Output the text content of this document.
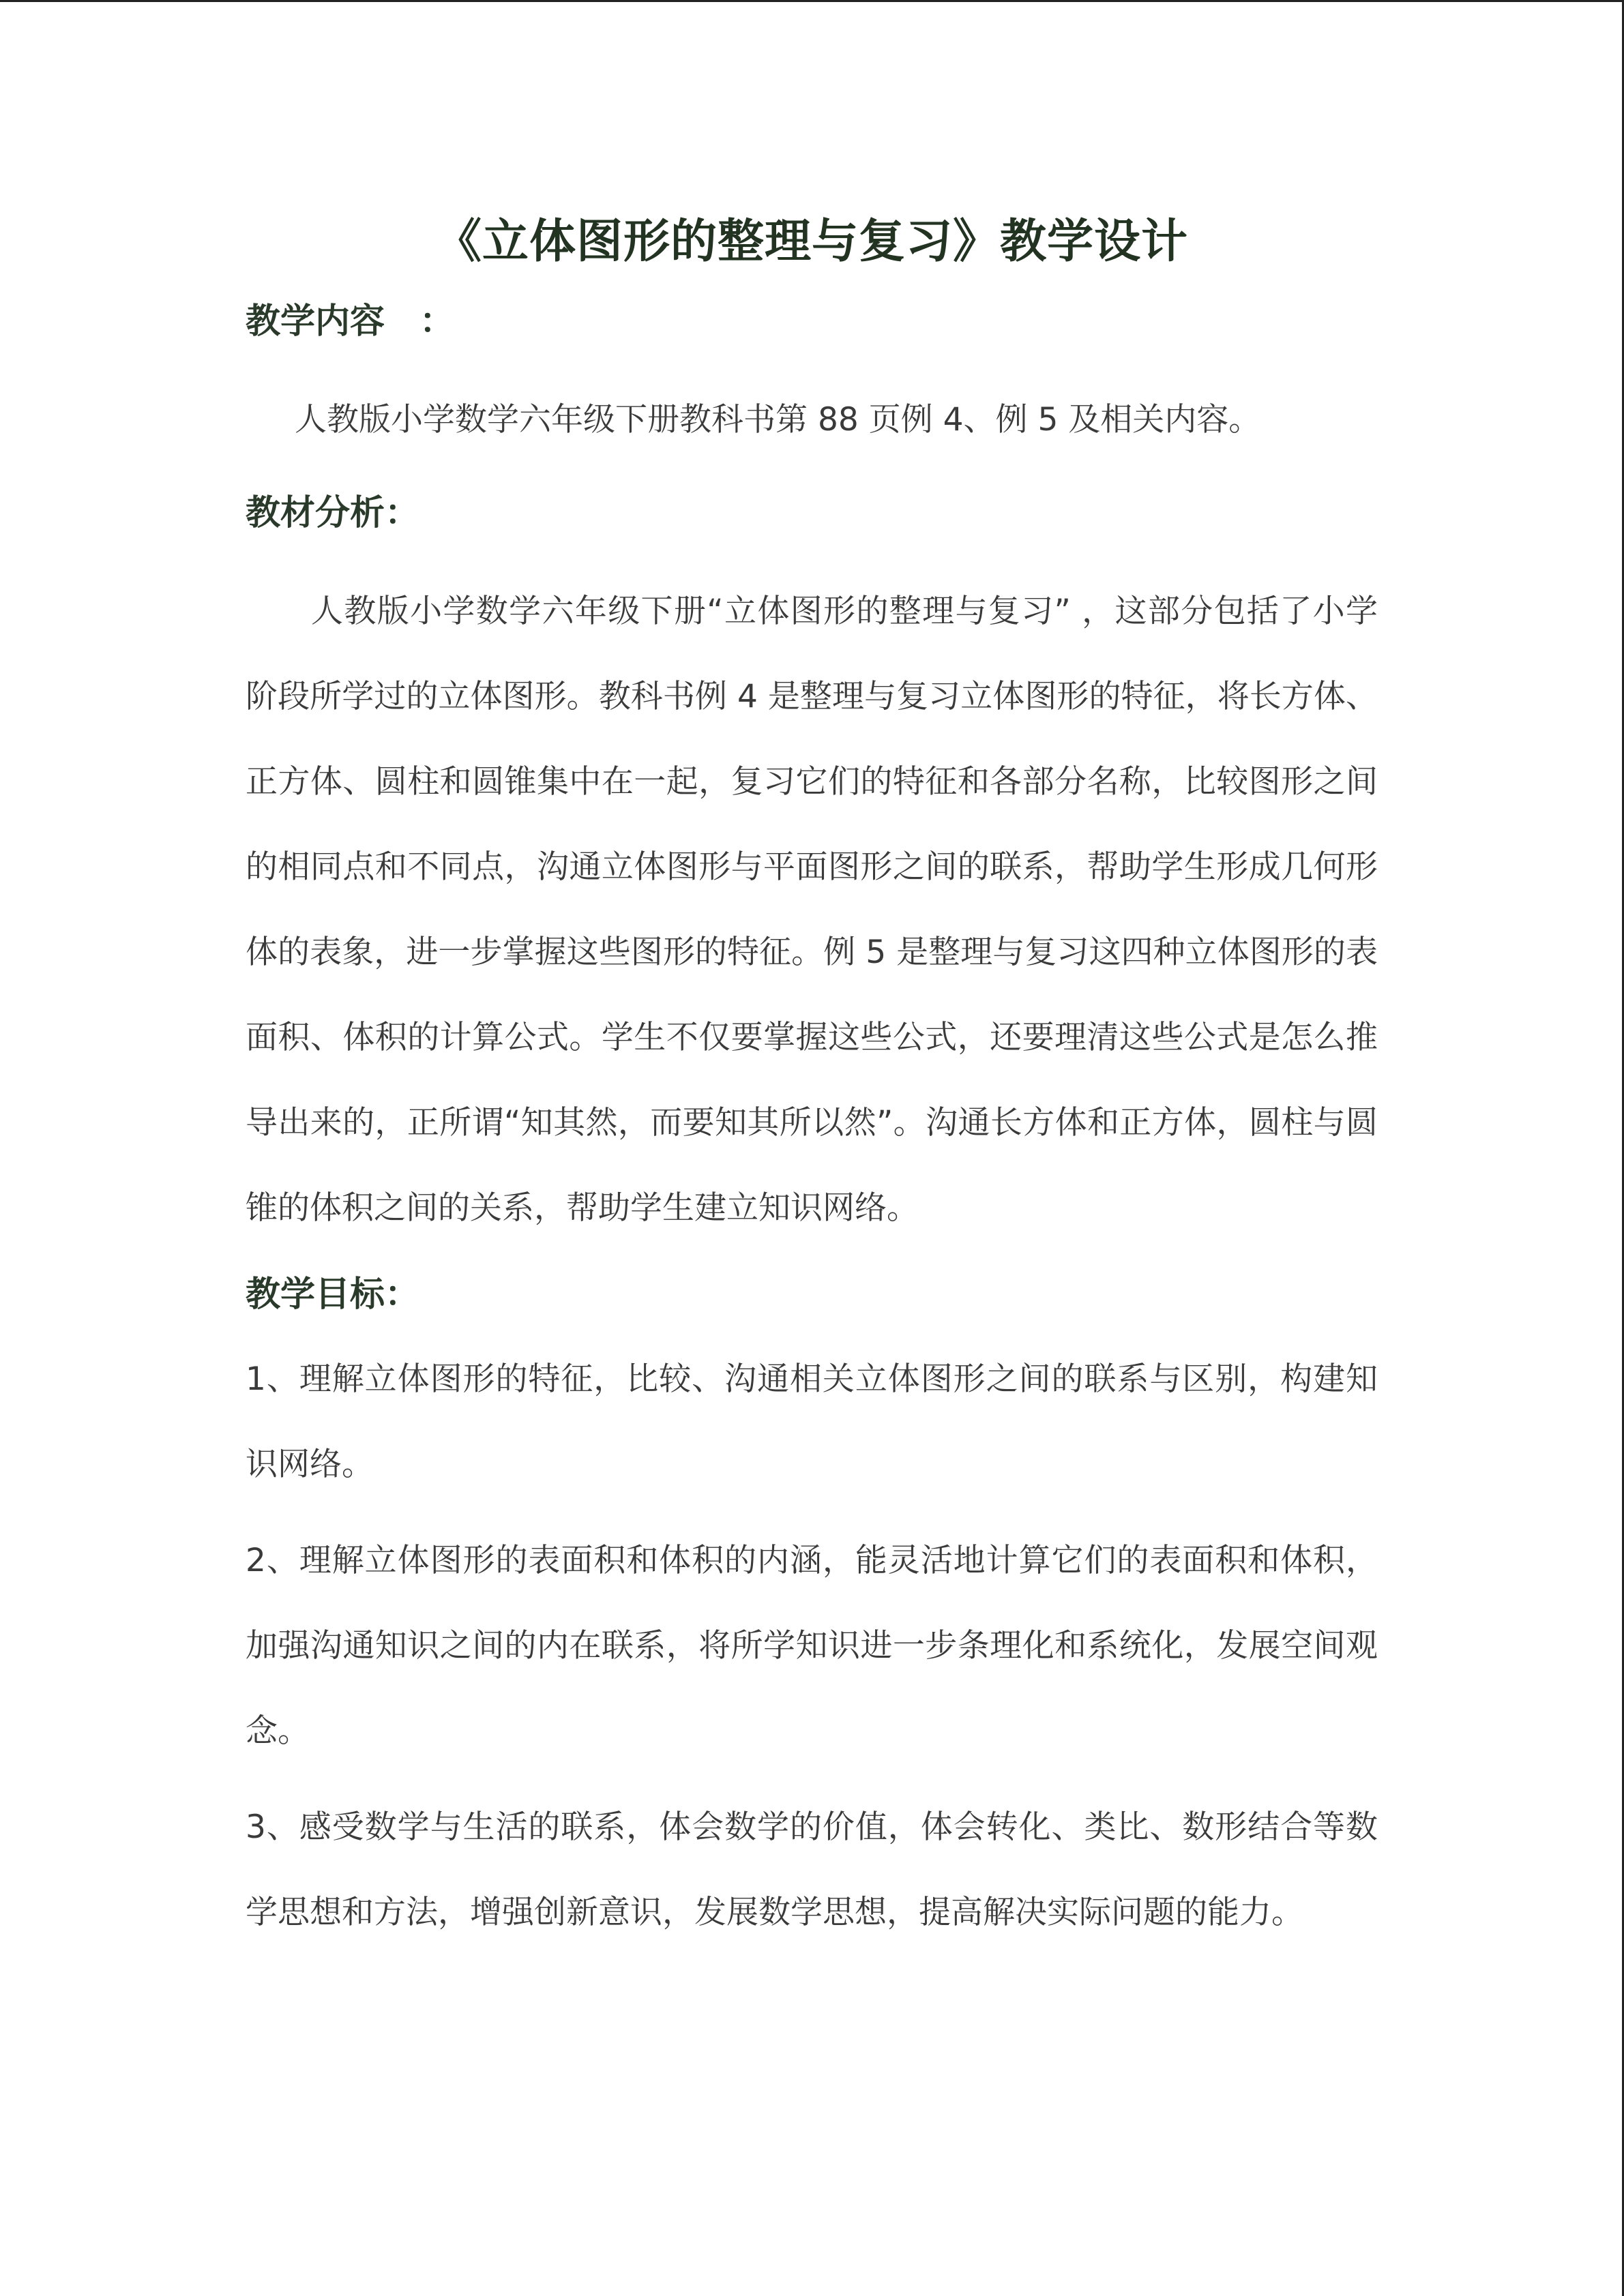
《立体图形的整理与复习》教学设计
教学内容　：

人教版小学数学六年级下册教科书第 88 页例 4、例 5 及相关内容。

教材分析：

人教版小学数学六年级下册“立体图形的整理与复习” ，这部分包括了小学阶段所学过的立体图形。教科书例 4 是整理与复习立体图形的特征，将长方体、正方体、圆柱和圆锥集中在一起，复习它们的特征和各部分名称，比较图形之间的相同点和不同点，沟通立体图形与平面图形之间的联系，帮助学生形成几何形体的表象，进一步掌握这些图形的特征。例 5 是整理与复习这四种立体图形的表面积、体积的计算公式。学生不仅要掌握这些公式，还要理清这些公式是怎么推导出来的，正所谓“知其然，而要知其所以然”。沟通长方体和正方体，圆柱与圆锥的体积之间的关系，帮助学生建立知识网络。

教学目标：

1、理解立体图形的特征，比较、沟通相关立体图形之间的联系与区别，构建知识网络。

2、理解立体图形的表面积和体积的内涵，能灵活地计算它们的表面积和体积，加强沟通知识之间的内在联系，将所学知识进一步条理化和系统化，发展空间观念。

3、感受数学与生活的联系，体会数学的价值，体会转化、类比、数形结合等数学思想和方法，增强创新意识，发展数学思想，提高解决实际问题的能力。
